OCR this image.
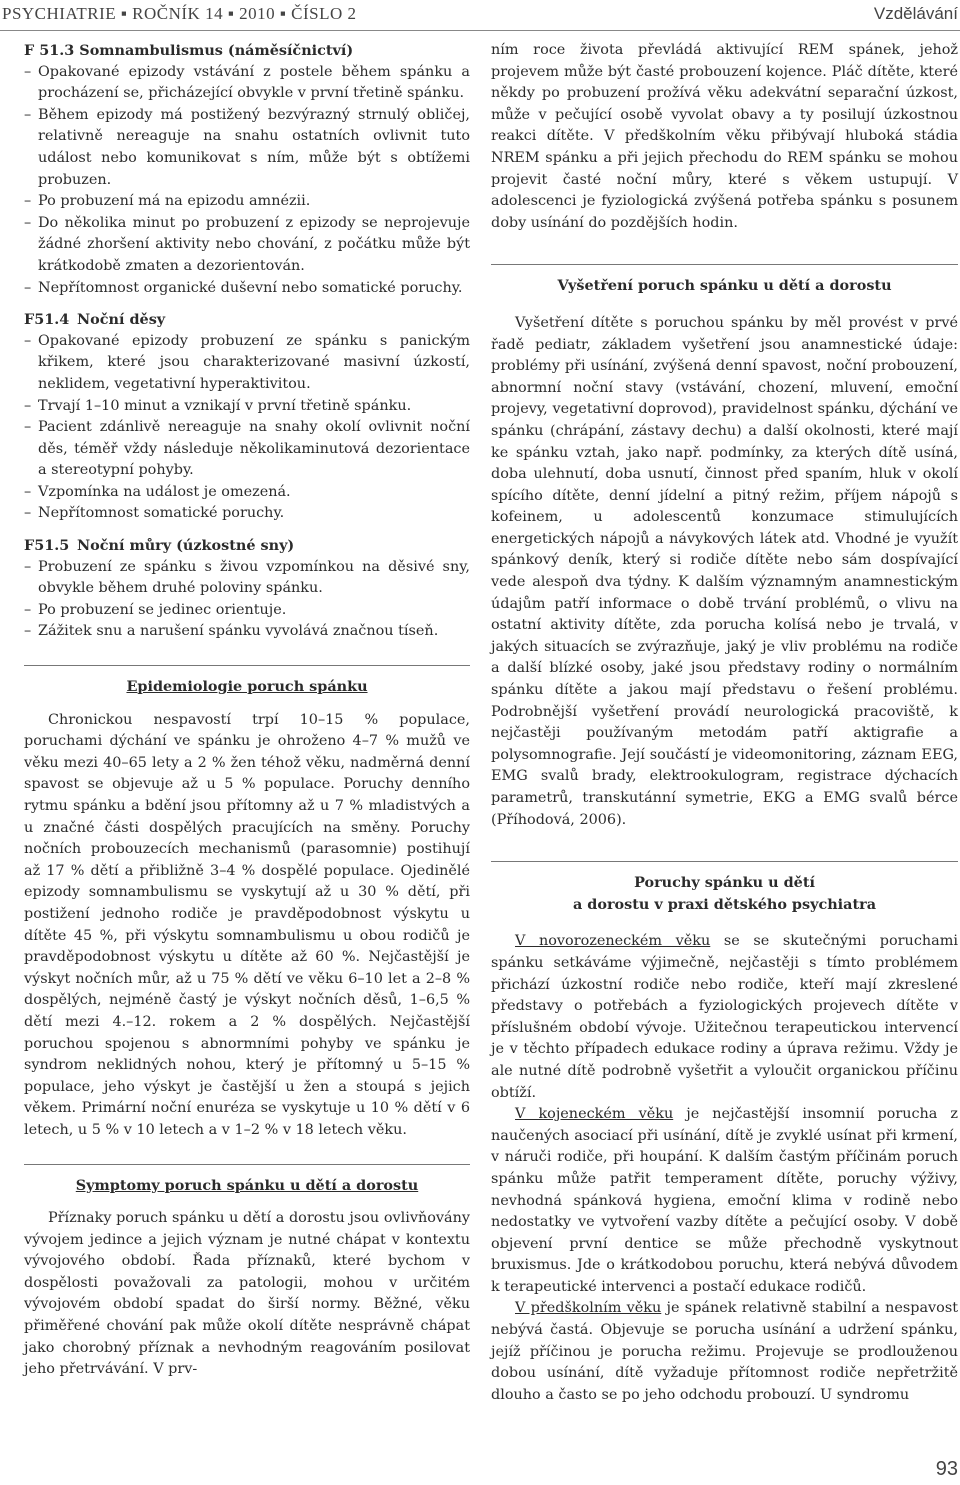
PSYCHIATRIE ▪ ROČNÍK 14 ▪ 2010 ▪ ČÍSLO 2	Vzdělávání

F 51.3 Somnambulismus (náměsíčnictví)

– Opakované epizody vstávání z postele během spánku a procházení se, přicházející obvykle v první třetině spánku.
– Během epizody má postižený bezvýrazný strnulý obličej, relativně nereaguje na snahu ostatních ovlivnit tuto událost nebo komunikovat s ním, může být s obtížemi probuzen.
– Po probuzení má na epizodu amnézii.
– Do několika minut po probuzení z epizody se neprojevuje žádné zhoršení aktivity nebo chování, z počátku může být krátkodobě zmaten a dezorientován.
– Nepřítomnost organické duševní nebo somatické poruchy.

F51.4 Noční děsy

– Opakované epizody probuzení ze spánku s panickým křikem, které jsou charakterizované masivní úzkostí, neklidem, vegetativní hyperaktivitou.
– Trvají 1–10 minut a vznikají v první třetině spánku.
– Pacient zdánlivě nereaguje na snahy okolí ovlivnit noční děs, téměř vždy následuje několikaminutová dezorientace a stereotypní pohyby.
– Vzpomínka na událost je omezená.
– Nepřítomnost somatické poruchy.

F51.5 Noční můry (úzkostné sny)

– Probuzení ze spánku s živou vzpomínkou na děsivé sny, obvykle během druhé poloviny spánku.
– Po probuzení se jedinec orientuje.
– Zážitek snu a narušení spánku vyvolává značnou tíseň.
Epidemiologie poruch spánku

Chronickou nespavostí trpí 10–15 % populace, poruchami dýchání ve spánku je ohroženo 4–7 % mužů ve věku mezi 40–65 lety a 2 % žen téhož věku, nadměrná denní spavost se objevuje až u 5 % populace. Poruchy denního rytmu spánku a bdění jsou přítomny až u 7 % mladistvých a u značné části dospělých pracujících na směny. Poruchy nočních probouzecích mechanismů (parasomnie) postihují až 17 % dětí a přibližně 3–4 % dospělé populace. Ojedinělé epizody somnambulismu se vyskytují až u 30 % dětí, při postižení jednoho rodiče je pravděpodobnost výskytu u dítěte 45 %, při výskytu somnambulismu u obou rodičů je pravděpodobnost výskytu u dítěte až 60 %. Nejčastější je výskyt nočních můr, až u 75 % dětí ve věku 6–10 let a 2–8 % dospělých, nejméně častý je výskyt nočních děsů, 1–6,5 % dětí mezi 4.–12. rokem a 2 % dospělých. Nejčastější poruchou spojenou s abnormními pohyby ve spánku je syndrom neklidných nohou, který je přítomný u 5–15 % populace, jeho výskyt je častější u žen a stoupá s jejich věkem. Primární noční enuréza se vyskytuje u 10 % dětí v 6 letech, u 5 % v 10 letech a v 1–2 % v 18 letech věku.

Symptomy poruch spánku u dětí a dorostu

Příznaky poruch spánku u dětí a dorostu jsou ovlivňovány vývojem jedince a jejich význam je nutné chápat v kontextu vývojového období. Řada příznaků, které bychom v dospělosti považovali za patologii, mohou v určitém vývojovém období spadat do širší normy. Běžné, věku přiměřené chování pak může okolí dítěte nesprávně chápat jako chorobný příznak a nevhodným reagováním posilovat jeho přetrvávání. V prv-

ním roce života převládá aktivující REM spánek, jehož projevem může být časté probouzení kojence. Pláč dítěte, které někdy po probuzení prožívá věku adekvátní separační úzkost, může v pečující osobě vyvolat obavy a ty posilují úzkostnou reakci dítěte. V předškolním věku přibývají hluboká stádia NREM spánku a při jejich přechodu do REM spánku se mohou projevit časté noční můry, které s věkem ustupují. V adolescenci je fyziologická zvýšená potřeba spánku s posunem doby usínání do pozdějších hodin.

Vyšetření poruch spánku u dětí a dorostu

Vyšetření dítěte s poruchou spánku by měl provést v prvé řadě pediatr, základem vyšetření jsou anamnestické údaje: problémy při usínání, zvýšená denní spavost, noční probouzení, abnormní noční stavy (vstávání, chození, mluvení, emoční projevy, vegetativní doprovod), pravidelnost spánku, dýchání ve spánku (chrápání, zástavy dechu) a další okolnosti, které mají ke spánku vztah, jako např. podmínky, za kterých dítě usíná, doba ulehnutí, doba usnutí, činnost před spaním, hluk v okolí spícího dítěte, denní jídelní a pitný režim, příjem nápojů s kofeinem, u adolescentů konzumace stimulujících energetických nápojů a návykových látek atd. Vhodné je využít spánkový deník, který si rodiče dítěte nebo sám dospívající vede alespoň dva týdny. K dalším významným anamnestickým údajům patří informace o době trvání problémů, o vlivu na ostatní aktivity dítěte, zda porucha kolísá nebo je trvalá, v jakých situacích se zvýrazňuje, jaký je vliv problému na rodiče a další blízké osoby, jaké jsou představy rodiny o normálním spánku dítěte a jakou mají představu o řešení problému. Podrobnější vyšetření provádí neurologická pracoviště, k nejčastěji používaným metodám patří aktigrafie a polysomnografie. Její součástí je videomonitoring, záznam EEG, EMG svalů brady, elektrookulogram, registrace dýchacích parametrů, transkutánní symetrie, EKG a EMG svalů bérce (Příhodová, 2006).

Poruchy spánku u dětí
a dorostu v praxi dětského psychiatra

V novorozeneckém věku se se skutečnými poruchami spánku setkáváme výjimečně, nejčastěji s tímto problémem přichází úzkostní rodiče nebo rodiče, kteří mají zkreslené představy o potřebách a fyziologických projevech dítěte v příslušném období vývoje. Užitečnou terapeutickou intervencí je v těchto případech edukace rodiny a úprava režimu. Vždy je ale nutné dítě podrobně vyšetřit a vyloučit organickou příčinu obtíží.

V kojeneckém věku je nejčastější insomnií porucha z naučených asociací při usínání, dítě je zvyklé usínat při krmení, v náruči rodiče, při houpání. K dalším častým příčinám poruch spánku může patřit temperament dítěte, poruchy výživy, nevhodná spánková hygiena, emoční klima v rodině nebo nedostatky ve vytvoření vazby dítěte a pečující osoby. V době objevení první dentice se může přechodně vyskytnout bruxismus. Jde o krátkodobou poruchu, která nebývá důvodem k terapeutické intervenci a postačí edukace rodičů.

V předškolním věku je spánek relativně stabilní a nespavost nebývá častá. Objevuje se porucha usínání a udržení spánku, jejíž příčinou je porucha režimu. Projevuje se prodlouženou dobou usínání, dítě vyžaduje přítomnost rodiče nepřetržitě dlouho a často se po jeho odchodu probouzí. U syndromu

93
